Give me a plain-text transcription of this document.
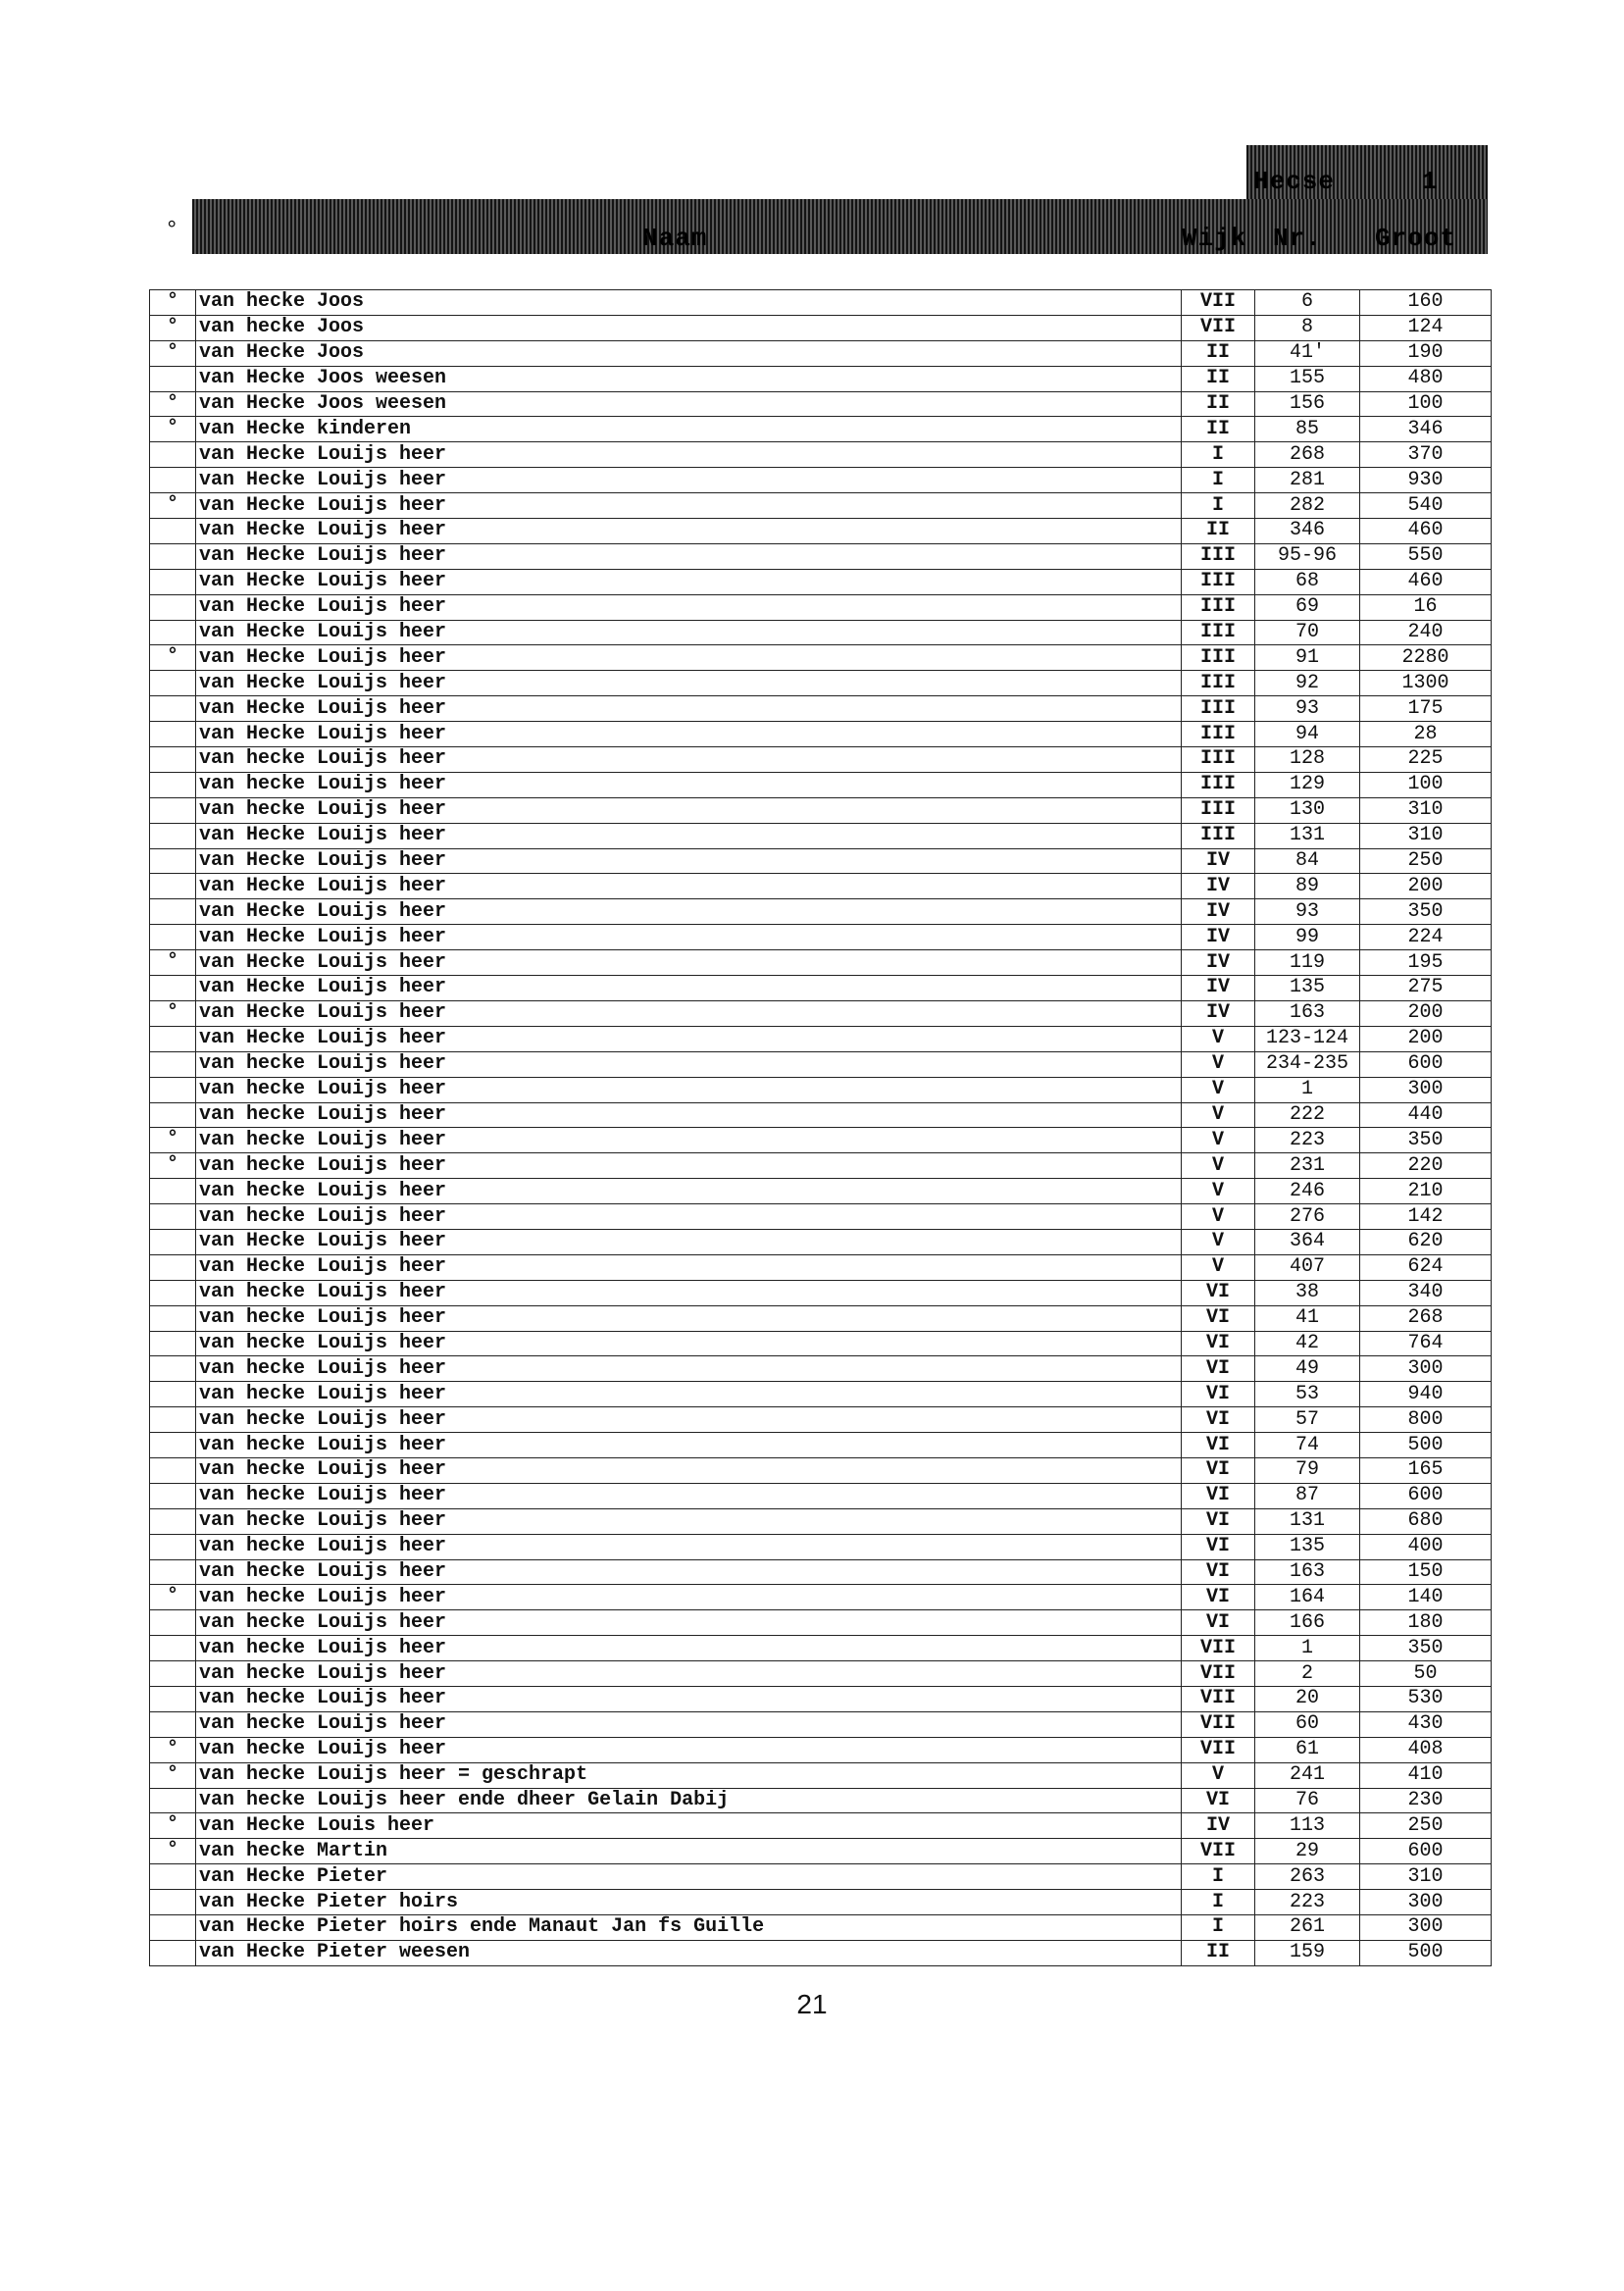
Hecse	1
°	Naam	Wijk Nr. Groot
°	van hecke Joos	VII	6	160
°	van hecke Joos	VII	8	124
°	van Hecke Joos	II	41'	190
	van Hecke Joos weesen	II	155	480
°	van Hecke Joos weesen	II	156	100
°	van Hecke kinderen	II	85	346
	van Hecke Louijs heer	I	268	370
	van Hecke Louijs heer	I	281	930
°	van Hecke Louijs heer	I	282	540
	van Hecke Louijs heer	II	346	460
	van Hecke Louijs heer	III	95-96	550
	van Hecke Louijs heer	III	68	460
	van Hecke Louijs heer	III	69	16
	van Hecke Louijs heer	III	70	240
°	van Hecke Louijs heer	III	91	2280
	van Hecke Louijs heer	III	92	1300
	van Hecke Louijs heer	III	93	175
	van Hecke Louijs heer	III	94	28
	van hecke Louijs heer	III	128	225
	van hecke Louijs heer	III	129	100
	van hecke Louijs heer	III	130	310
	van Hecke Louijs heer	III	131	310
	van Hecke Louijs heer	IV	84	250
	van Hecke Louijs heer	IV	89	200
	van Hecke Louijs heer	IV	93	350
	van Hecke Louijs heer	IV	99	224
°	van Hecke Louijs heer	IV	119	195
	van Hecke Louijs heer	IV	135	275
°	van Hecke Louijs heer	IV	163	200
	van Hecke Louijs heer	V	123-124	200
	van hecke Louijs heer	V	234-235	600
	van hecke Louijs heer	V	1	300
	van hecke Louijs heer	V	222	440
°	van hecke Louijs heer	V	223	350
°	van hecke Louijs heer	V	231	220
	van hecke Louijs heer	V	246	210
	van hecke Louijs heer	V	276	142
	van Hecke Louijs heer	V	364	620
	van Hecke Louijs heer	V	407	624
	van hecke Louijs heer	VI	38	340
	van hecke Louijs heer	VI	41	268
	van hecke Louijs heer	VI	42	764
	van hecke Louijs heer	VI	49	300
	van hecke Louijs heer	VI	53	940
	van hecke Louijs heer	VI	57	800
	van hecke Louijs heer	VI	74	500
	van hecke Louijs heer	VI	79	165
	van hecke Louijs heer	VI	87	600
	van hecke Louijs heer	VI	131	680
	van hecke Louijs heer	VI	135	400
	van hecke Louijs heer	VI	163	150
°	van hecke Louijs heer	VI	164	140
	van hecke Louijs heer	VI	166	180
	van hecke Louijs heer	VII	1	350
	van hecke Louijs heer	VII	2	50
	van hecke Louijs heer	VII	20	530
	van hecke Louijs heer	VII	60	430
°	van hecke Louijs heer	VII	61	408
°	van hecke Louijs heer = geschrapt	V	241	410
	van hecke Louijs heer ende dheer Gelain Dabij	VI	76	230
°	van Hecke Louis heer	IV	113	250
°	van hecke Martin	VII	29	600
	van Hecke Pieter	I	263	310
	van Hecke Pieter hoirs	I	223	300
	van Hecke Pieter hoirs ende Manaut Jan fs Guille	I	261	300
	van Hecke Pieter weesen	II	159	500
21
